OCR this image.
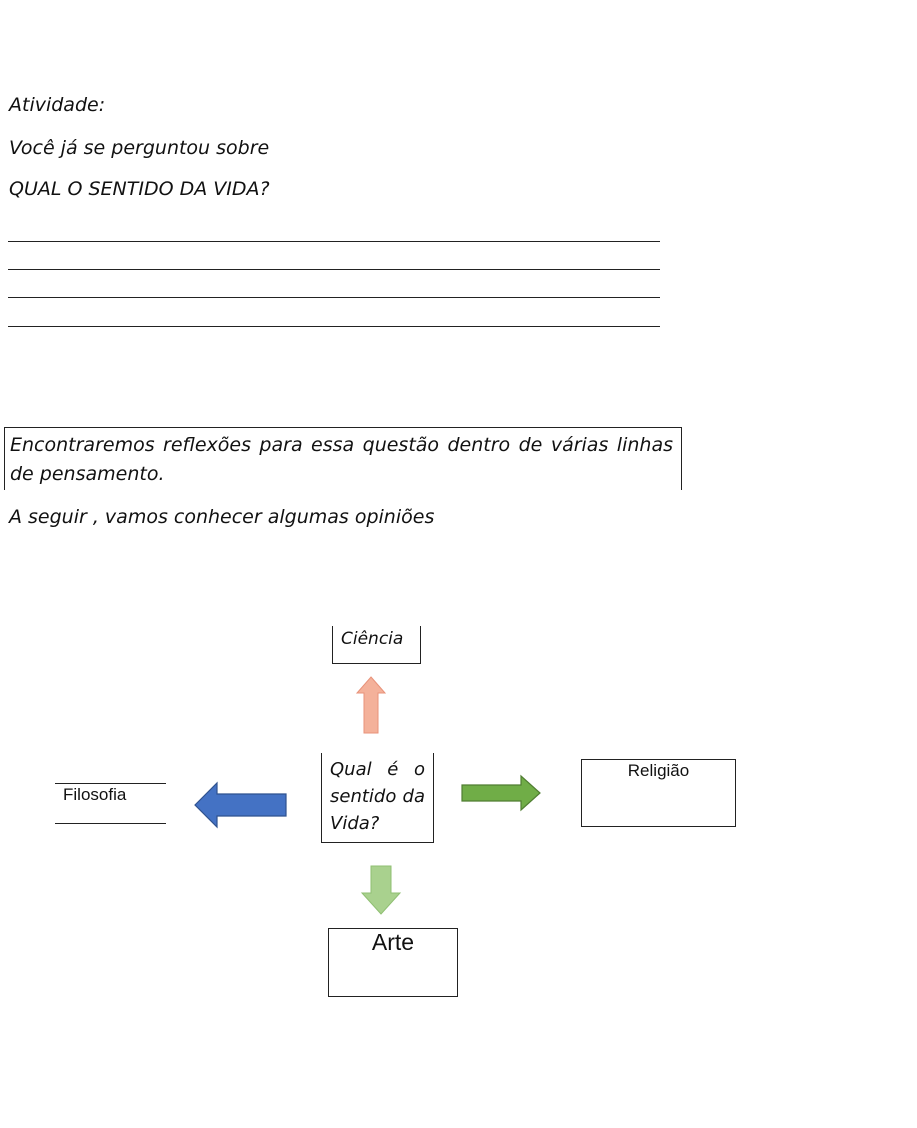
Atividade:
Você já se perguntou sobre
QUAL O SENTIDO DA VIDA?
Encontraremos reflexões para essa questão dentro de várias linhas de pensamento.
A seguir , vamos conhecer algumas opiniões
Ciência
Qual é o sentido da Vida?
Filosofia
Religião
Arte
